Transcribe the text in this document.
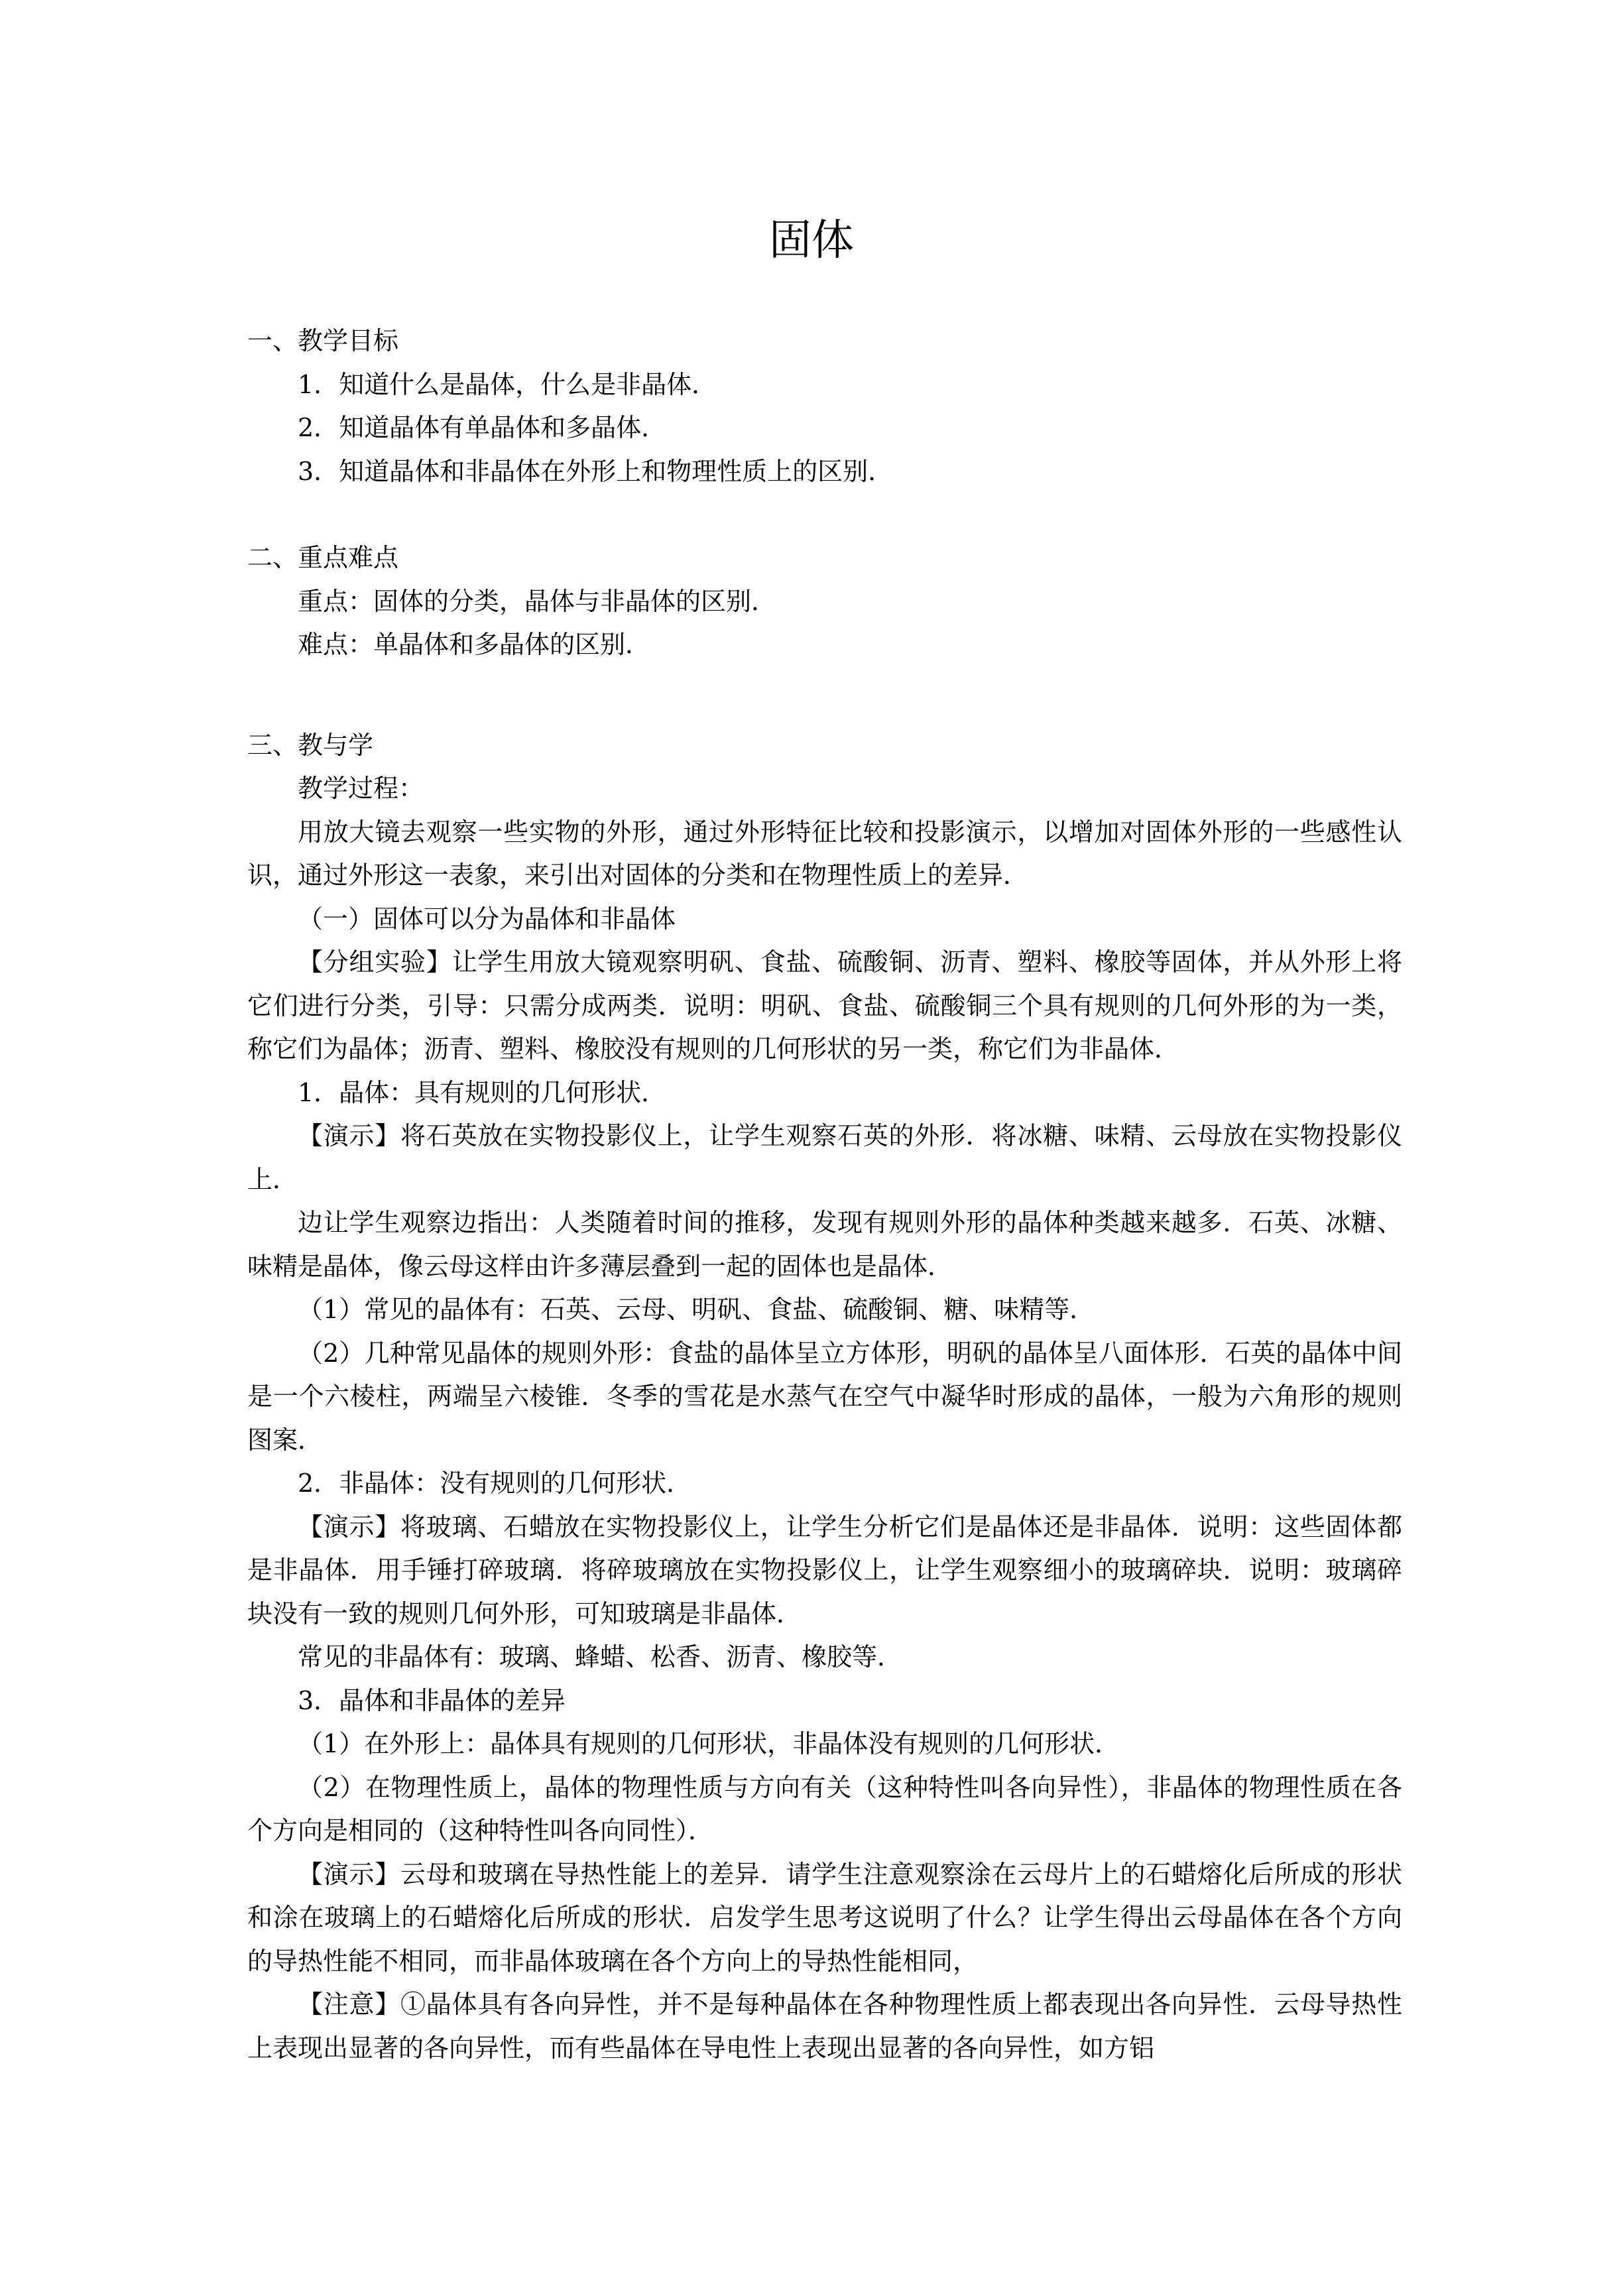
固体

一、教学目标

1．知道什么是晶体，什么是非晶体．

2．知道晶体有单晶体和多晶体．

3．知道晶体和非晶体在外形上和物理性质上的区别．

二、重点难点

重点：固体的分类，晶体与非晶体的区别．

难点：单晶体和多晶体的区别．

三、教与学

教学过程：

用放大镜去观察一些实物的外形，通过外形特征比较和投影演示，以增加对固体外形的一些感性认识，通过外形这一表象，来引出对固体的分类和在物理性质上的差异．

（一）固体可以分为晶体和非晶体

【分组实验】让学生用放大镜观察明矾、食盐、硫酸铜、沥青、塑料、橡胶等固体，并从外形上将它们进行分类，引导：只需分成两类．说明：明矾、食盐、硫酸铜三个具有规则的几何外形的为一类，称它们为晶体；沥青、塑料、橡胶没有规则的几何形状的另一类，称它们为非晶体．

1．晶体：具有规则的几何形状．

【演示】将石英放在实物投影仪上，让学生观察石英的外形．将冰糖、味精、云母放在实物投影仪上．

边让学生观察边指出：人类随着时间的推移，发现有规则外形的晶体种类越来越多．石英、冰糖、味精是晶体，像云母这样由许多薄层叠到一起的固体也是晶体．

（1）常见的晶体有：石英、云母、明矾、食盐、硫酸铜、糖、味精等．

（2）几种常见晶体的规则外形：食盐的晶体呈立方体形，明矾的晶体呈八面体形．石英的晶体中间是一个六棱柱，两端呈六棱锥．冬季的雪花是水蒸气在空气中凝华时形成的晶体，一般为六角形的规则图案．

2．非晶体：没有规则的几何形状．

【演示】将玻璃、石蜡放在实物投影仪上，让学生分析它们是晶体还是非晶体．说明：这些固体都是非晶体．用手锤打碎玻璃．将碎玻璃放在实物投影仪上，让学生观察细小的玻璃碎块．说明：玻璃碎块没有一致的规则几何外形，可知玻璃是非晶体．

常见的非晶体有：玻璃、蜂蜡、松香、沥青、橡胶等．

3．晶体和非晶体的差异

（1）在外形上：晶体具有规则的几何形状，非晶体没有规则的几何形状．

（2）在物理性质上，晶体的物理性质与方向有关（这种特性叫各向异性），非晶体的物理性质在各个方向是相同的（这种特性叫各向同性）．

【演示】云母和玻璃在导热性能上的差异．请学生注意观察涂在云母片上的石蜡熔化后所成的形状和涂在玻璃上的石蜡熔化后所成的形状．启发学生思考这说明了什么？让学生得出云母晶体在各个方向的导热性能不相同，而非晶体玻璃在各个方向上的导热性能相同，

【注意】①晶体具有各向异性，并不是每种晶体在各种物理性质上都表现出各向异性．云母导热性上表现出显著的各向异性，而有些晶体在导电性上表现出显著的各向异性，如方铝
